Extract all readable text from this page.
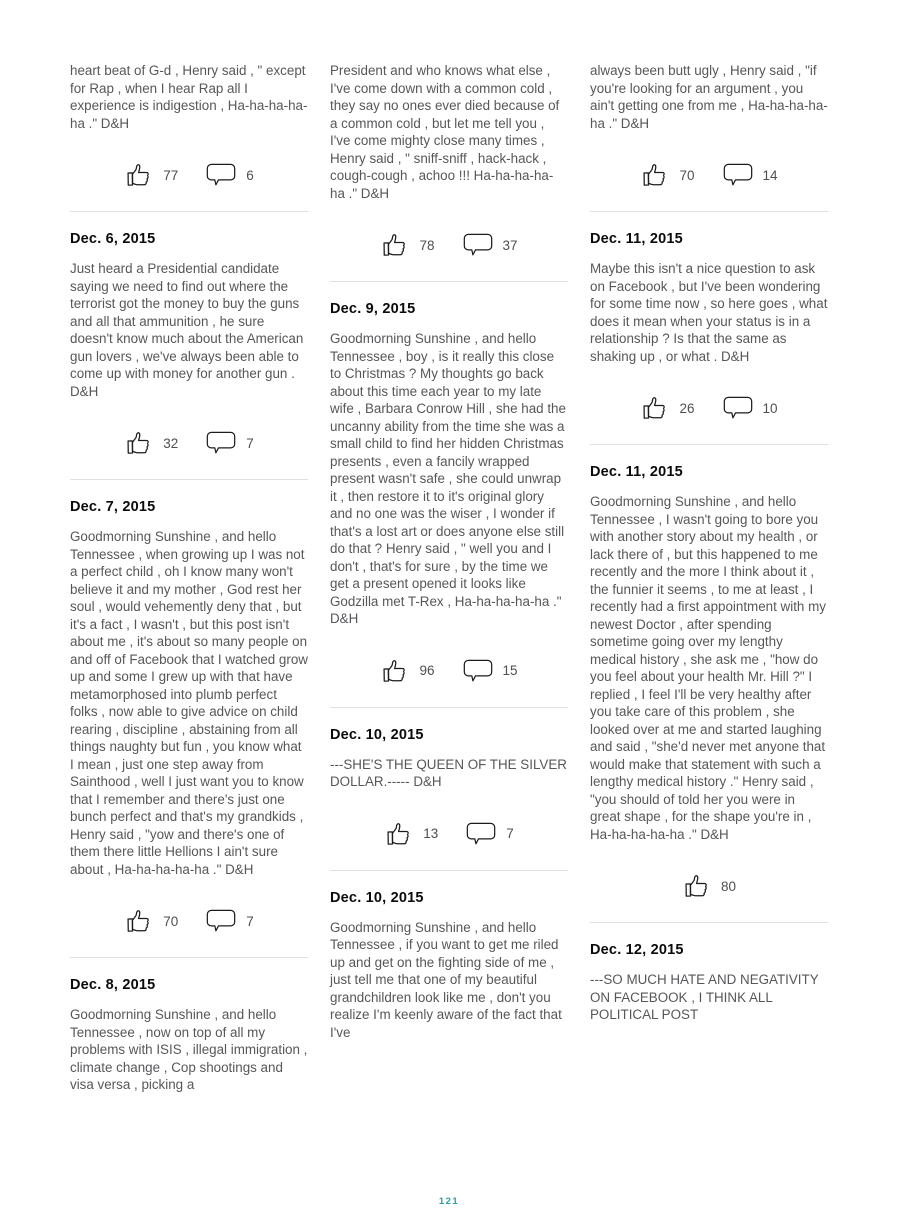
heart beat of G-d , Henry said , " except for Rap , when I hear Rap all I experience is indigestion , Ha-ha-ha-ha-ha ." D&H

77	6
Dec. 6, 2015

Just heard a Presidential candidate saying we need to find out where the terrorist got the money to buy the guns and all that ammunition , he sure doesn't know much about the American gun lovers , we've always been able to come up with money for another gun . D&H

32	7
Dec. 7, 2015

Goodmorning Sunshine , and hello Tennessee , when growing up I was not a perfect child , oh I know many won't believe it and my mother , God rest her soul , would vehemently deny that , but it's a fact , I wasn't , but this post isn't about me , it's about so many people on and off of Facebook that I watched grow up and some I grew up with that have metamorphosed into plumb perfect folks , now able to give advice on child rearing , discipline , abstaining from all things naughty but fun , you know what I mean , just one step away from Sainthood , well I just want you to know that I remember and there's just one bunch perfect and that's my grandkids , Henry said , "yow and there's one of them there little Hellions I ain't sure about , Ha-ha-ha-ha-ha ." D&H

70	7
Dec. 8, 2015

Goodmorning Sunshine , and hello Tennessee , now on top of all my problems with ISIS , illegal immigration , climate change , Cop shootings and visa versa , picking a

President and who knows what else , I've come down with a common cold , they say no ones ever died because of a common cold , but let me tell you , I've come mighty close many times , Henry said , " sniff-sniff , hack-hack , cough-cough , achoo !!! Ha-ha-ha-ha-ha ." D&H

78	37
Dec. 9, 2015

Goodmorning Sunshine , and hello Tennessee , boy , is it really this close to Christmas ? My thoughts go back about this time each year to my late wife , Barbara Conrow Hill , she had the uncanny ability from the time she was a small child to find her hidden Christmas presents , even a fancily wrapped present wasn't safe , she could unwrap it , then restore it to it's original glory and no one was the wiser , I wonder if that's a lost art or does anyone else still do that ? Henry said , " well you and I don't , that's for sure , by the time we get a present opened it looks like Godzilla met T-Rex , Ha-ha-ha-ha-ha ." D&H

96	15
Dec. 10, 2015

---SHE'S THE QUEEN OF THE SILVER DOLLAR.----- D&H

13	7
Dec. 10, 2015

Goodmorning Sunshine , and hello Tennessee , if you want to get me riled up and get on the fighting side of me , just tell me that one of my beautiful grandchildren look like me , don't you realize I'm keenly aware of the fact that I've

always been butt ugly , Henry said , "if you're looking for an argument , you ain't getting one from me , Ha-ha-ha-ha-ha ." D&H

70	14
Dec. 11, 2015

Maybe this isn't a nice question to ask on Facebook , but I've been wondering for some time now , so here goes , what does it mean when your status is in a relationship ? Is that the same as shaking up , or what . D&H

26	10
Dec. 11, 2015

Goodmorning Sunshine , and hello Tennessee , I wasn't going to bore you with another story about my health , or lack there of , but this happened to me recently and the more I think about it , the funnier it seems , to me at least , I recently had a first appointment with my newest Doctor , after spending sometime going over my lengthy medical history , she ask me , "how do you feel about your health Mr. Hill ?" I replied , I feel I'll be very healthy after you take care of this problem , she looked over at me and started laughing and said , "she'd never met anyone that would make that statement with such a lengthy medical history ." Henry said , "you should of told her you were in great shape , for the shape you're in , Ha-ha-ha-ha-ha ." D&H

80
Dec. 12, 2015

---SO MUCH HATE AND NEGATIVITY ON FACEBOOK , I THINK ALL POLITICAL POST

121
